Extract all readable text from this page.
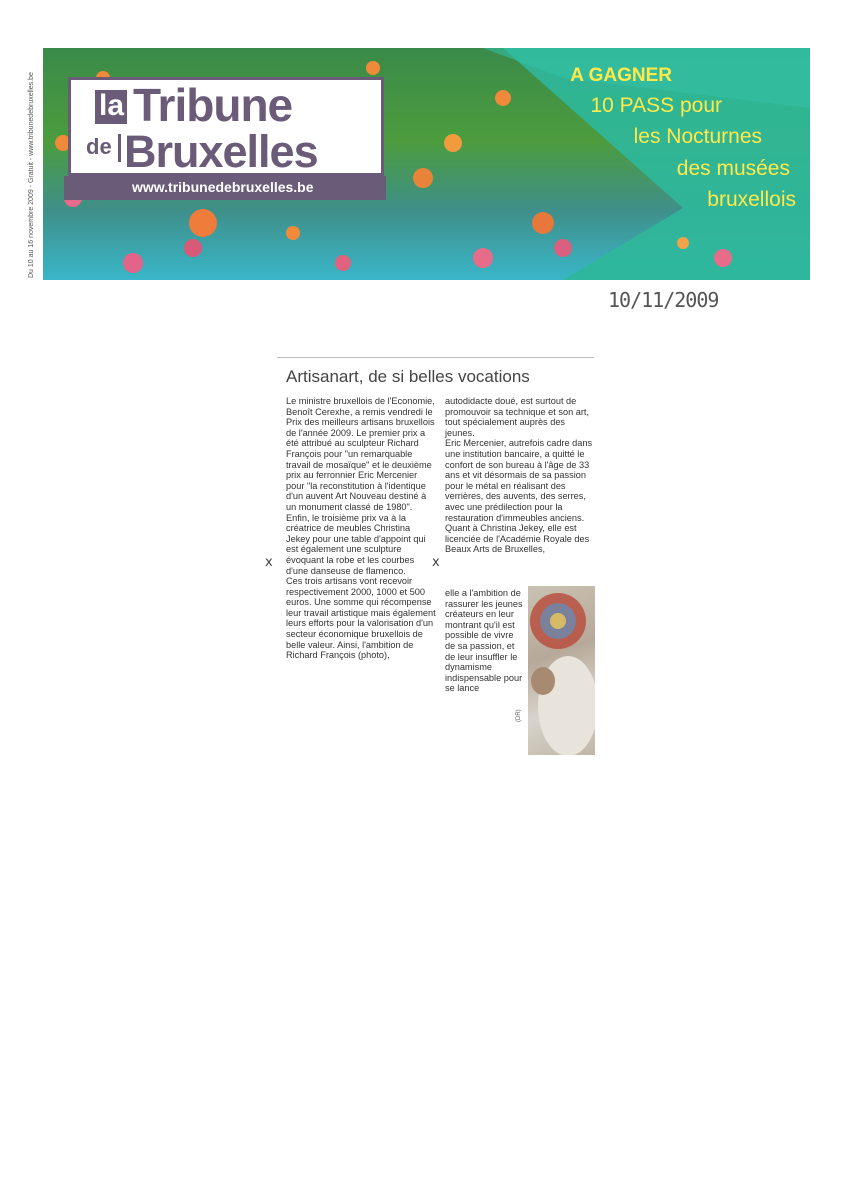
Du 10 au 16 novembre 2009 - Gratuit - www.tribunedebruxelles.be la Tribune
de Bruxelles
www.tribunedebruxelles.be
A GAGNER
10 PASS pour
les Nocturnes
des musées
bruxellois
10/11/2009
Artisanart, de si belles vocations

Le ministre bruxellois de l'Economie, Benoît Cerexhe, a remis vendredi le Prix des meilleurs artisans bruxellois de l'année 2009. Le premier prix a été attribué au sculpteur Richard François pour "un remarquable travail de mosaïque" et le deuxième prix au ferronnier Eric Mercenier pour "la reconstitution à l'identique d'un auvent Art Nouveau destiné à un monument classé de 1980".

Enfin, le troisième prix va à la créatrice de meubles Christina Jekey pour une table d'appoint qui est également une sculpture évoquant la robe et les courbes d'une danseuse de flamenco.

Ces trois artisans vont recevoir respectivement 2000, 1000 et 500 euros. Une somme qui récompense leur travail artistique mais également leurs efforts pour la valorisation d'un secteur économique bruxellois de belle valeur. Ainsi, l'ambition de Richard François (photo),

autodidacte doué, est surtout de promouvoir sa technique et son art, tout spécialement auprès des jeunes.

Eric Mercenier, autrefois cadre dans une institution bancaire, a quitté le confort de son bureau à l'âge de 33 ans et vit désormais de sa passion pour le métal en réalisant des verrières, des auvents, des serres, avec une prédilection pour la restauration d'immeubles anciens.

Quant à Christina Jekey, elle est licenciée de l'Académie Royale des Beaux Arts de Bruxelles,

elle a l'ambition de rassurer les jeunes créateurs en leur montrant qu'il est possible de vivre de sa passion, et de leur insuffler le dynamisme indispensable pour se lance
(DR)
x	x
